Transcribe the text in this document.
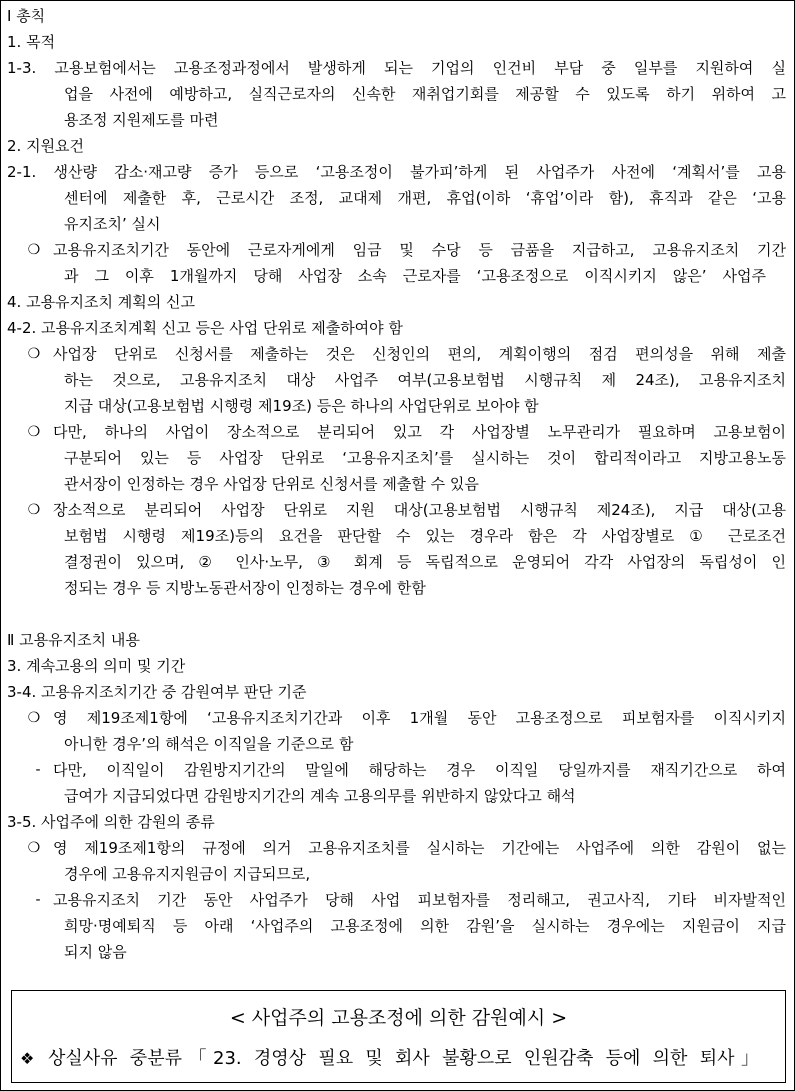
Ⅰ 총칙
1. 목적
1-3. 고용보험에서는 고용조정과정에서 발생하게 되는 기업의 인건비 부담 중 일부를 지원하여 실
업을 사전에 예방하고, 실직근로자의 신속한 재취업기회를 제공할 수 있도록 하기 위하여 고
용조정 지원제도를 마련
2. 지원요건
2-1. 생산량 감소·재고량 증가 등으로 ‘고용조정이 불가피’하게 된 사업주가 사전에 ‘계획서’를 고용
센터에 제출한 후, 근로시간 조정, 교대제 개편, 휴업(이하 ‘휴업’이라 함), 휴직과 같은 ‘고용
유지조치’ 실시
❍ 고용유지조치기간 동안에 근로자게에게 임금 및 수당 등 금품을 지급하고, 고용유지조치 기간
과 그 이후 1개월까지 당해 사업장 소속 근로자를 ‘고용조정으로 이직시키지 않은’ 사업주
4. 고용유지조치 계획의 신고
4-2. 고용유지조치계획 신고 등은 사업 단위로 제출하여야 함
❍ 사업장 단위로 신청서를 제출하는 것은 신청인의 편의, 계획이행의 점검 편의성을 위해 제출
하는 것으로, 고용유지조치 대상 사업주 여부(고용보험법 시행규칙 제 24조), 고용유지조치
지급 대상(고용보험법 시행령 제19조) 등은 하나의 사업단위로 보아야 함
❍ 다만, 하나의 사업이 장소적으로 분리되어 있고 각 사업장별 노무관리가 필요하며 고용보험이
구분되어 있는 등 사업장 단위로 ‘고용유지조치’를 실시하는 것이 합리적이라고 지방고용노동
관서장이 인정하는 경우 사업장 단위로 신청서를 제출할 수 있음
❍ 장소적으로 분리되어 사업장 단위로 지원 대상(고용보험법 시행규칙 제24조), 지급 대상(고용
보험법 시행령 제19조)등의 요건을 판단할 수 있는 경우라 함은 각 사업장별로 ① 근로조건
결정권이 있으며, ② 인사·노무, ③ 회계 등 독립적으로 운영되어 각각 사업장의 독립성이 인
정되는 경우 등 지방노동관서장이 인정하는 경우에 한함
Ⅱ 고용유지조치 내용
3. 계속고용의 의미 및 기간
3-4. 고용유지조치기간 중 감원여부 판단 기준
❍ 영 제19조제1항에 ‘고용유지조치기간과 이후 1개월 동안 고용조정으로 피보험자를 이직시키지
아니한 경우’의 해석은 이직일을 기준으로 함
- 다만, 이직일이 감원방지기간의 말일에 해당하는 경우 이직일 당일까지를 재직기간으로 하여
급여가 지급되었다면 감원방지기간의 계속 고용의무를 위반하지 않았다고 해석
3-5. 사업주에 의한 감원의 종류
❍ 영 제19조제1항의 규정에 의거 고용유지조치를 실시하는 기간에는 사업주에 의한 감원이 없는
경우에 고용유지지원금이 지급되므로,
- 고용유지조치 기간 동안 사업주가 당해 사업 피보험자를 정리해고, 권고사직, 기타 비자발적인
희망·명예퇴직 등 아래 ‘사업주의 고용조정에 의한 감원’을 실시하는 경우에는 지원금이 지급
되지 않음
< 사업주의 고용조정에 의한 감원예시 >
❖ 상실사유 중분류「23. 경영상 필요 및 회사 불황으로 인원감축 등에 의한 퇴사」
